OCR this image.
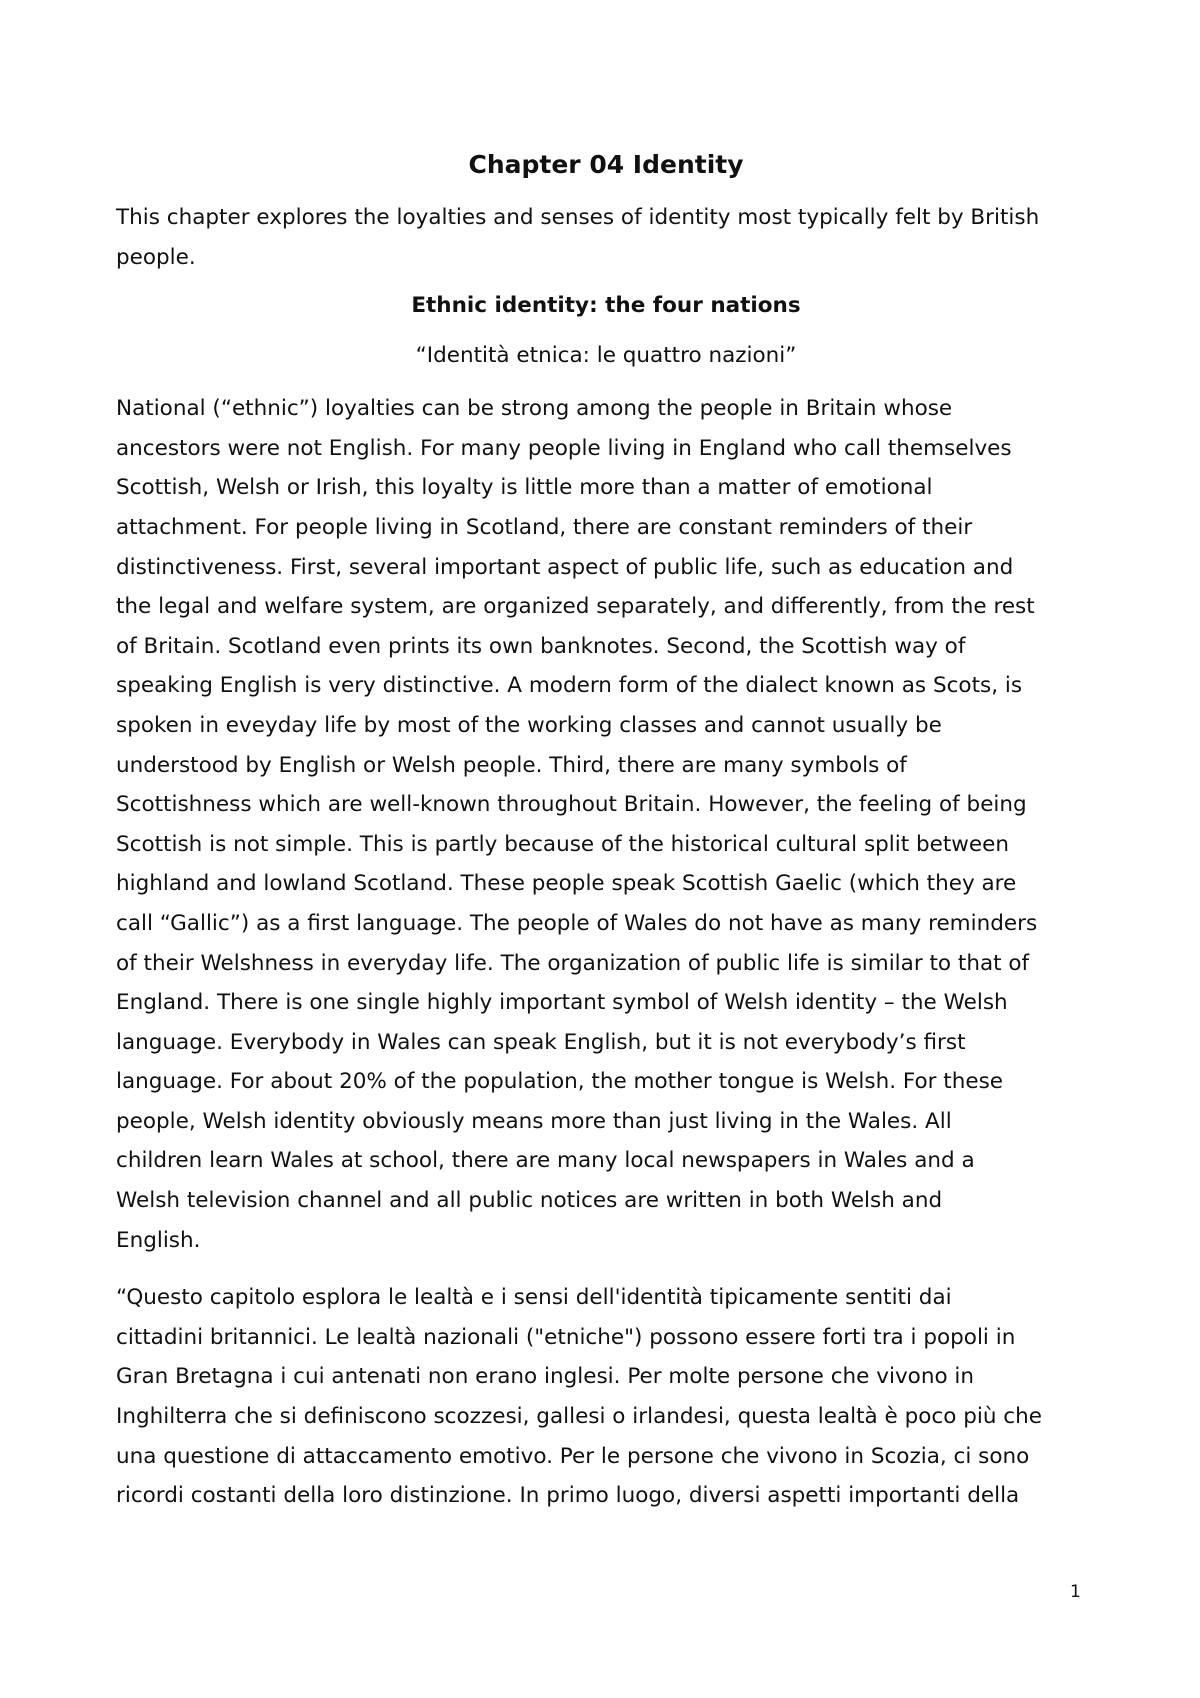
Chapter 04 Identity
This chapter explores the loyalties and senses of identity most typically felt by British
people.
Ethnic identity: the four nations
“Identità etnica: le quattro nazioni”
National (“ethnic”) loyalties can be strong among the people in Britain whose
ancestors were not English. For many people living in England who call themselves
Scottish, Welsh or Irish, this loyalty is little more than a matter of emotional
attachment. For people living in Scotland, there are constant reminders of their
distinctiveness. First, several important aspect of public life, such as education and
the legal and welfare system, are organized separately, and differently, from the rest
of Britain. Scotland even prints its own banknotes. Second, the Scottish way of
speaking English is very distinctive. A modern form of the dialect known as Scots, is
spoken in eveyday life by most of the working classes and cannot usually be
understood by English or Welsh people. Third, there are many symbols of
Scottishness which are well-known throughout Britain. However, the feeling of being
Scottish is not simple. This is partly because of the historical cultural split between
highland and lowland Scotland. These people speak Scottish Gaelic (which they are
call “Gallic”) as a first language. The people of Wales do not have as many reminders
of their Welshness in everyday life. The organization of public life is similar to that of
England. There is one single highly important symbol of Welsh identity – the Welsh
language. Everybody in Wales can speak English, but it is not everybody’s first
language. For about 20% of the population, the mother tongue is Welsh. For these
people, Welsh identity obviously means more than just living in the Wales. All
children learn Wales at school, there are many local newspapers in Wales and a
Welsh television channel and all public notices are written in both Welsh and
English.
“Questo capitolo esplora le lealtà e i sensi dell'identità tipicamente sentiti dai
cittadini britannici. Le lealtà nazionali ("etniche") possono essere forti tra i popoli in
Gran Bretagna i cui antenati non erano inglesi. Per molte persone che vivono in
Inghilterra che si definiscono scozzesi, gallesi o irlandesi, questa lealtà è poco più che
una questione di attaccamento emotivo. Per le persone che vivono in Scozia, ci sono
ricordi costanti della loro distinzione. In primo luogo, diversi aspetti importanti della
1
